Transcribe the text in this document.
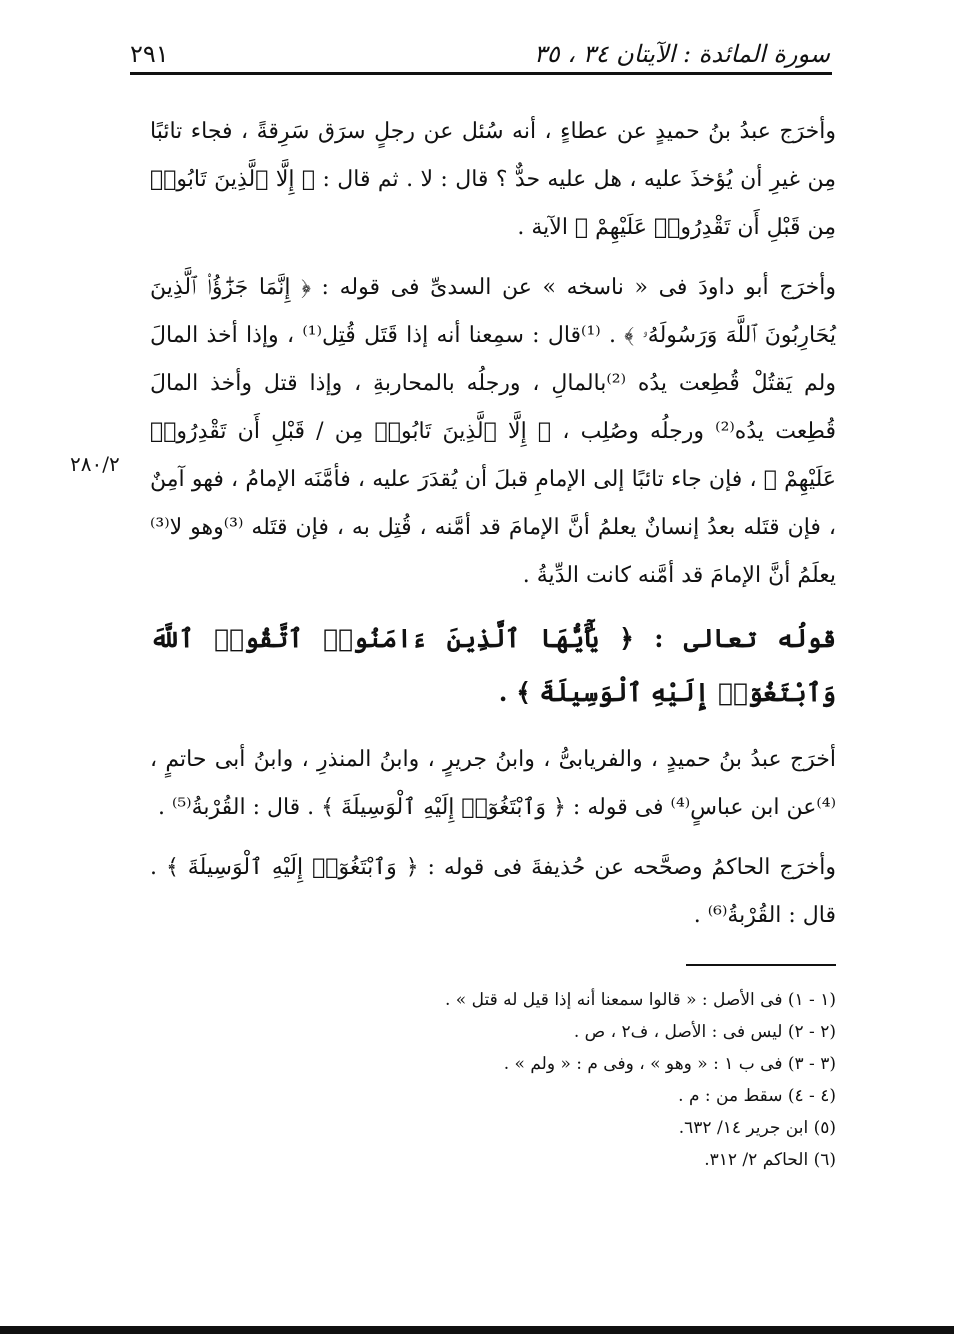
سورة المائدة : الآيتان ٣٤ ، ٣٥
٢٩١
٢٨٠/٢

وأخرَج عبدُ بنُ حميدٍ عن عطاءٍ ، أنه سُئل عن رجلٍ سرَق سَرِقةً ، فجاء تائبًا مِن غيرِ أن يُؤخذَ عليه ، هل عليه حدٌّ ؟ قال : لا . ثم قال : ﴿ إِلَّا ٱلَّذِينَ تَابُوا۟ مِن قَبْلِ أَن تَقْدِرُوا۟ عَلَيْهِمْ ﴾ الآية .

وأخرَج أبو داودَ فى « ناسخه » عن السدىِّ فى قوله : ﴿ إِنَّمَا جَزَٰٓؤُا۟ ٱلَّذِينَ يُحَارِبُونَ ٱللَّهَ وَرَسُولَهُۥ ﴾ . ⁽¹⁾قال : سمِعنا أنه إذا قَتَل قُتِل⁽¹⁾ ، وإذا أخذ المالَ ولم يَقتُلْ قُطِعت يدُه ⁽²⁾بالمالِ ، ورجلُه بالمحاربةِ ، وإذا قتل وأخذ المالَ قُطِعت يدُه⁽²⁾ ورجلُه وصُلِب ، ﴿ إِلَّا ٱلَّذِينَ تَابُوا۟ مِن / قَبْلِ أَن تَقْدِرُوا۟ عَلَيْهِمْ ﴾ ، فإن جاء تائبًا إلى الإمامِ قبلَ أن يُقدَرَ عليه ، فأمَّنَه الإمامُ ، فهو آمِنٌ ، فإن قتَله بعدُ إنسانٌ يعلمُ أنَّ الإمامَ قد أمَّنه ، قُتِل به ، فإن قتَله ⁽³⁾وهو لا⁽³⁾ يعلَمُ أنَّ الإمامَ قد أمَّنه كانت الدِّيةُ .

قولُه تعالى : ﴿ يَٰٓأَيُّهَا ٱلَّذِينَ ءَامَنُوا۟ ٱتَّقُوا۟ ٱللَّهَ وَٱبْتَغُوٓا۟ إِلَيْهِ ٱلْوَسِيلَةَ ﴾ .

أخرَج عبدُ بنُ حميدٍ ، والفريابىُّ ، وابنُ جريرٍ ، وابنُ المنذرِ ، وابنُ أبى حاتمٍ ، ⁽⁴⁾عن ابن عباسٍ⁽⁴⁾ فى قوله : ﴿ وَٱبْتَغُوٓا۟ إِلَيْهِ ٱلْوَسِيلَةَ ﴾ . قال : القُرْبةُ⁽⁵⁾ .

وأخرَج الحاكمُ وصحَّحه عن حُذيفةَ فى قوله : ﴿ وَٱبْتَغُوٓا۟ إِلَيْهِ ٱلْوَسِيلَةَ ﴾ . قال : القُرْبةُ⁽⁶⁾ .

(١ - ١) فى الأصل : « قالوا سمعنا أنه إذا قيل له قتل » .
(٢ - ٢) ليس فى : الأصل ، ف٢ ، ص .
(٣ - ٣) فى ب ١ : « وهو » ، وفى م : « ولم » .
(٤ - ٤) سقط من : م .
(٥) ابن جرير ١٤/ ٦٣٢.
(٦) الحاكم ٢/ ٣١٢.
